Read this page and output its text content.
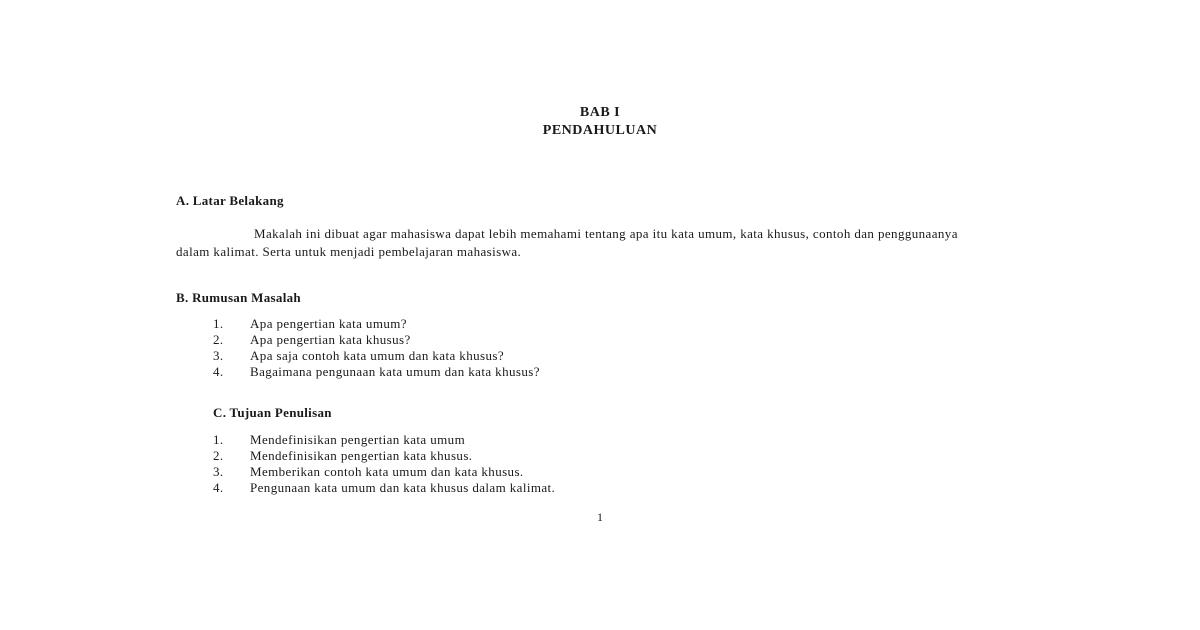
BAB I
PENDAHULUAN
A. Latar Belakang
Makalah ini dibuat agar mahasiswa dapat lebih memahami tentang apa itu kata umum, kata khusus, contoh dan penggunaanya dalam kalimat. Serta untuk menjadi pembelajaran mahasiswa.
B. Rumusan Masalah
1.	Apa pengertian kata umum?
2.	Apa pengertian kata khusus?
3.	Apa saja contoh kata umum dan kata khusus?
4.	Bagaimana pengunaan kata umum dan kata khusus?
C. Tujuan Penulisan
1.	Mendefinisikan pengertian kata umum
2.	Mendefinisikan pengertian kata khusus.
3.	Memberikan contoh kata umum dan kata khusus.
4.	Pengunaan kata umum dan kata khusus dalam kalimat.
1
